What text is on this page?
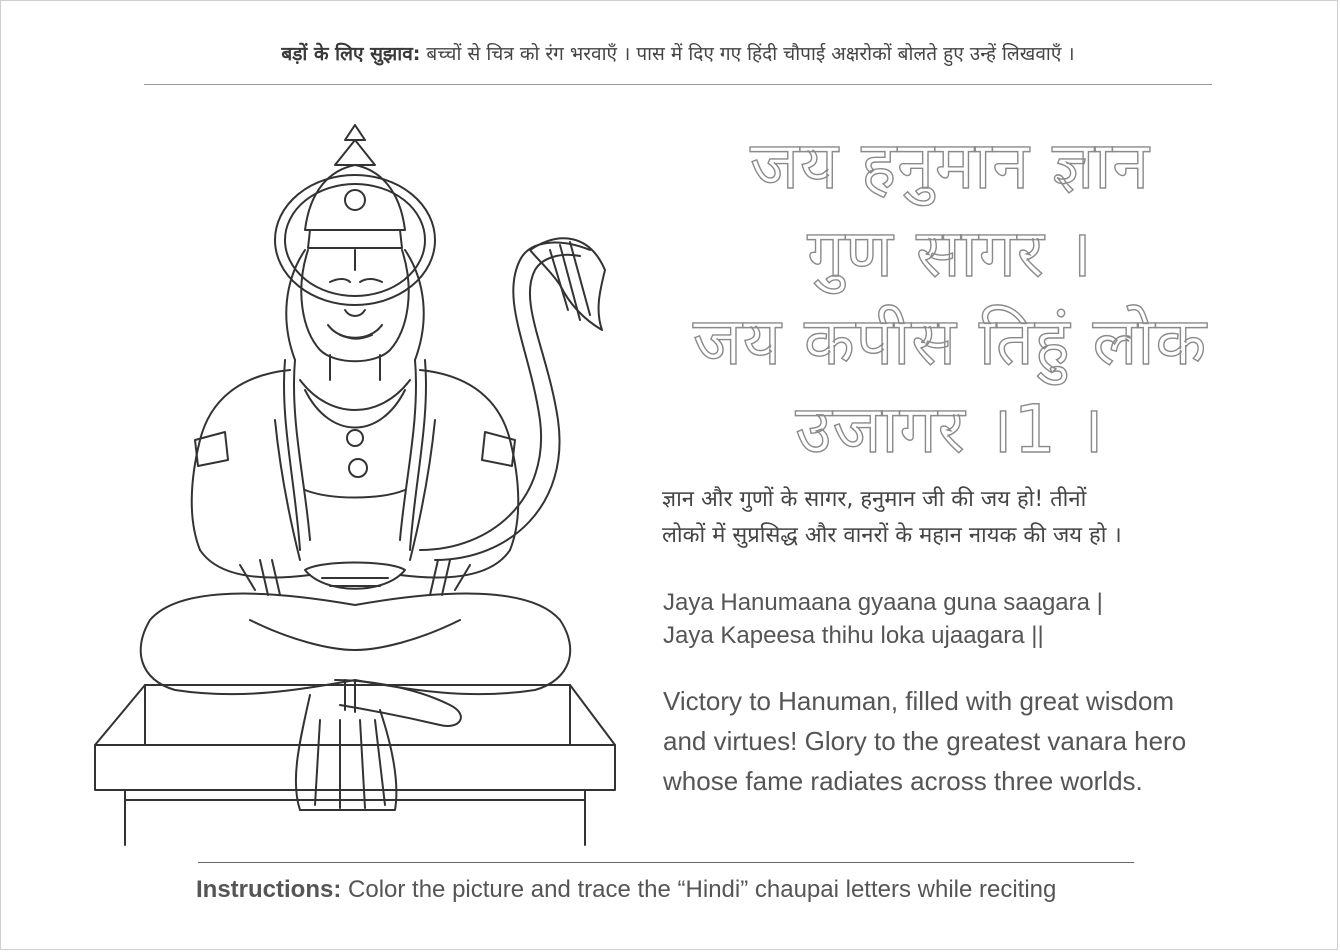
बड़ों के लिए सुझाव: बच्चों से चित्र को रंग भरवाएँ । पास में दिए गए हिंदी चौपाई अक्षरोकों बोलते हुए उन्हें लिखवाएँ ।
जय हनुमान ज्ञान
गुण सागर ।
जय कपीस तिहुं लोक
उजागर ।1 ।
ज्ञान और गुणों के सागर, हनुमान जी की जय हो! तीनों
लोकों में सुप्रसिद्ध और वानरों के महान नायक की जय हो ।
Jaya Hanumaana gyaana guna saagara |
Jaya Kapeesa thihu loka ujaagara ||
Victory to Hanuman, filled with great wisdom
and virtues! Glory to the greatest vanara hero
whose fame radiates across three worlds.
Instructions: Color the picture and trace the “Hindi” chaupai letters while reciting
